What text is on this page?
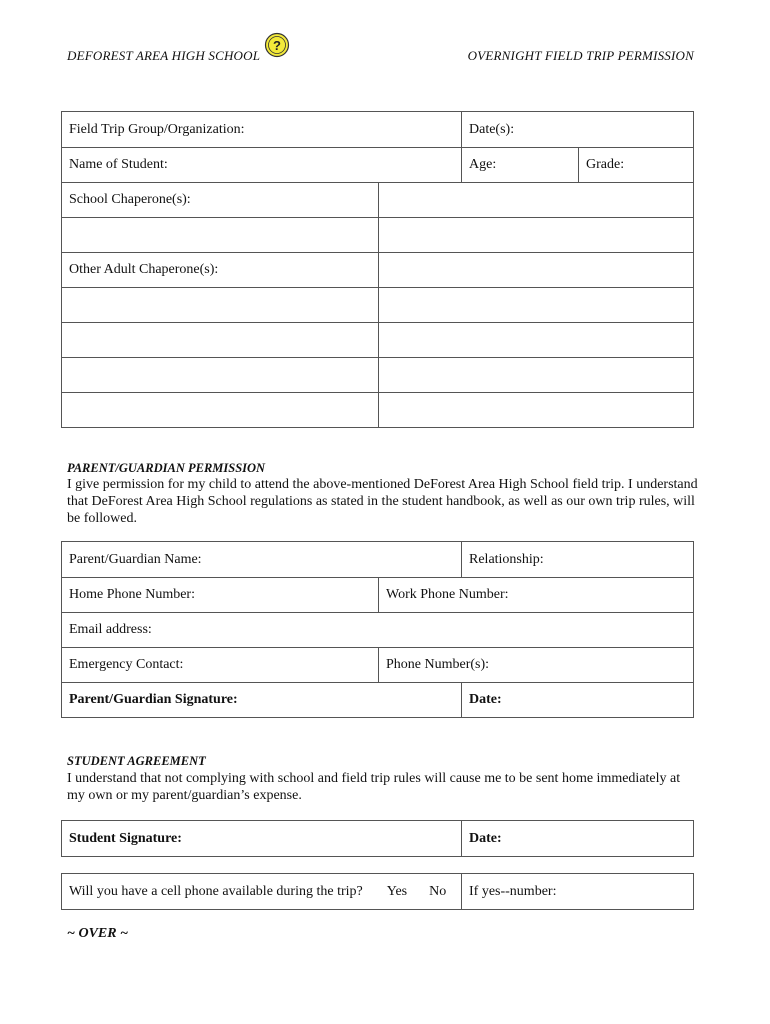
DEFOREST AREA HIGH SCHOOL
?
OVERNIGHT FIELD TRIP PERMISSION
Field Trip Group/Organization:	Date(s):
Name of Student:	Age:	Grade:
School Chaperone(s):
Other Adult Chaperone(s):
PARENT/GUARDIAN PERMISSION
I give permission for my child to attend the above-mentioned DeForest Area High School field trip. I understand that DeForest Area High School regulations as stated in the student handbook, as well as our own trip rules, will be followed.
Parent/Guardian Name:	Relationship:
Home Phone Number:	Work Phone Number:
Email address:
Emergency Contact:	Phone Number(s):
Parent/Guardian Signature:	Date:
STUDENT AGREEMENT
I understand that not complying with school and field trip rules will cause me to be sent home immediately at my own or my parent/guardian’s expense.
Student Signature:	Date:
Will you have a cell phone available during the trip? Yes No If yes--number:
~ OVER ~
